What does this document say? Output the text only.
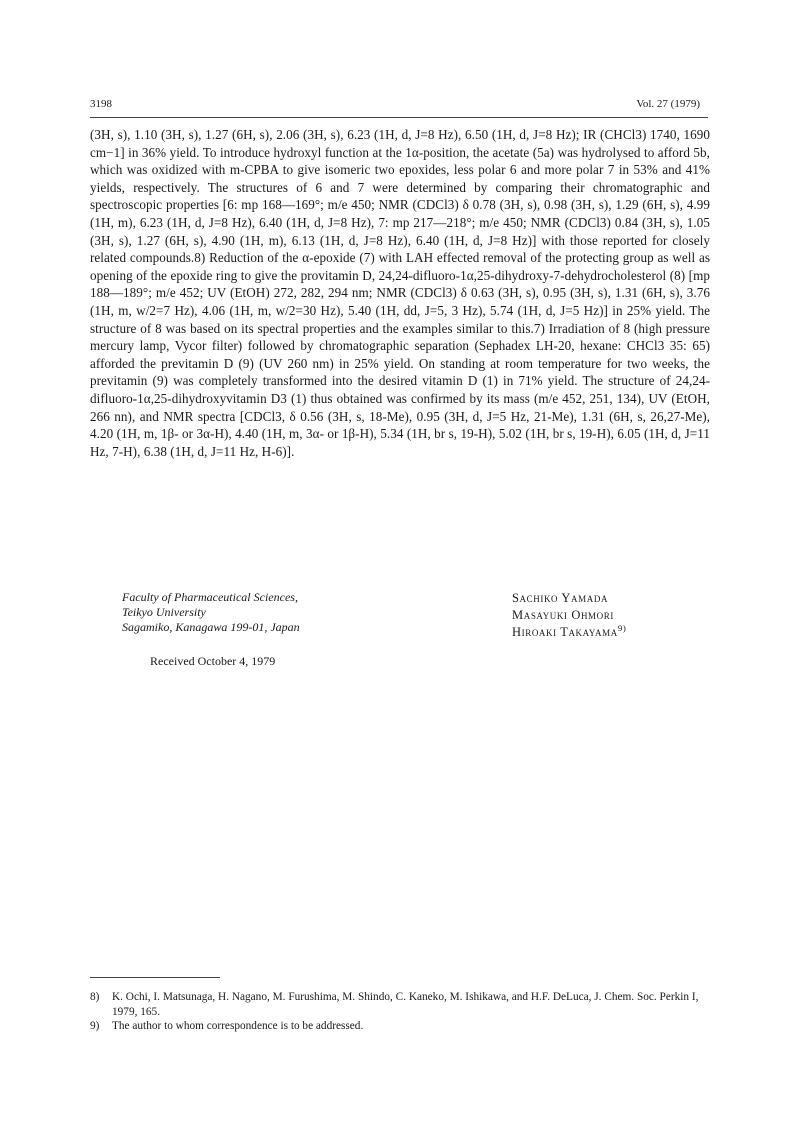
3198	Vol. 27 (1979)

(3H, s), 1.10 (3H, s), 1.27 (6H, s), 2.06 (3H, s), 6.23 (1H, d, J=8 Hz), 6.50 (1H, d, J=8 Hz); IR (CHCl3) 1740, 1690 cm−1] in 36% yield. To introduce hydroxyl function at the 1α-position, the acetate (5a) was hydrolysed to afford 5b, which was oxidized with m-CPBA to give isomeric two epoxides, less polar 6 and more polar 7 in 53% and 41% yields, respectively. The structures of 6 and 7 were determined by comparing their chromatographic and spectroscopic properties [6: mp 168—169°; m/e 450; NMR (CDCl3) δ 0.78 (3H, s), 0.98 (3H, s), 1.29 (6H, s), 4.99 (1H, m), 6.23 (1H, d, J=8 Hz), 6.40 (1H, d, J=8 Hz), 7: mp 217—218°; m/e 450; NMR (CDCl3) 0.84 (3H, s), 1.05 (3H, s), 1.27 (6H, s), 4.90 (1H, m), 6.13 (1H, d, J=8 Hz), 6.40 (1H, d, J=8 Hz)] with those reported for closely related compounds.8) Reduction of the α-epoxide (7) with LAH effected removal of the protecting group as well as opening of the epoxide ring to give the provitamin D, 24,24-difluoro-1α,25-dihydroxy-7-dehydrocholesterol (8) [mp 188—189°; m/e 452; UV (EtOH) 272, 282, 294 nm; NMR (CDCl3) δ 0.63 (3H, s), 0.95 (3H, s), 1.31 (6H, s), 3.76 (1H, m, w/2=7 Hz), 4.06 (1H, m, w/2=30 Hz), 5.40 (1H, dd, J=5, 3 Hz), 5.74 (1H, d, J=5 Hz)] in 25% yield. The structure of 8 was based on its spectral properties and the examples similar to this.7) Irradiation of 8 (high pressure mercury lamp, Vycor filter) followed by chromatographic separation (Sephadex LH-20, hexane: CHCl3 35: 65) afforded the previtamin D (9) (UV 260 nm) in 25% yield. On standing at room temperature for two weeks, the previtamin (9) was completely transformed into the desired vitamin D (1) in 71% yield. The structure of 24,24-difluoro-1α,25-dihydroxyvitamin D3 (1) thus obtained was confirmed by its mass (m/e 452, 251, 134), UV (EtOH, 266 nn), and NMR spectra [CDCl3, δ 0.56 (3H, s, 18-Me), 0.95 (3H, d, J=5 Hz, 21-Me), 1.31 (6H, s, 26,27-Me), 4.20 (1H, m, 1β- or 3α-H), 4.40 (1H, m, 3α- or 1β-H), 5.34 (1H, br s, 19-H), 5.02 (1H, br s, 19-H), 6.05 (1H, d, J=11 Hz, 7-H), 6.38 (1H, d, J=11 Hz, H-6)].

Faculty of Pharmaceutical Sciences,
Teikyo University
Sagamiko, Kanagawa 199-01, Japan
Sachiko Yamada
Masayuki Ohmori
Hiroaki Takayama$^{9)}$
Received October 4, 1979
8) K. Ochi, I. Matsunaga, H. Nagano, M. Furushima, M. Shindo, C. Kaneko, M. Ishikawa, and H.F. DeLuca, J. Chem. Soc. Perkin I, 1979, 165.
9) The author to whom correspondence is to be addressed.
